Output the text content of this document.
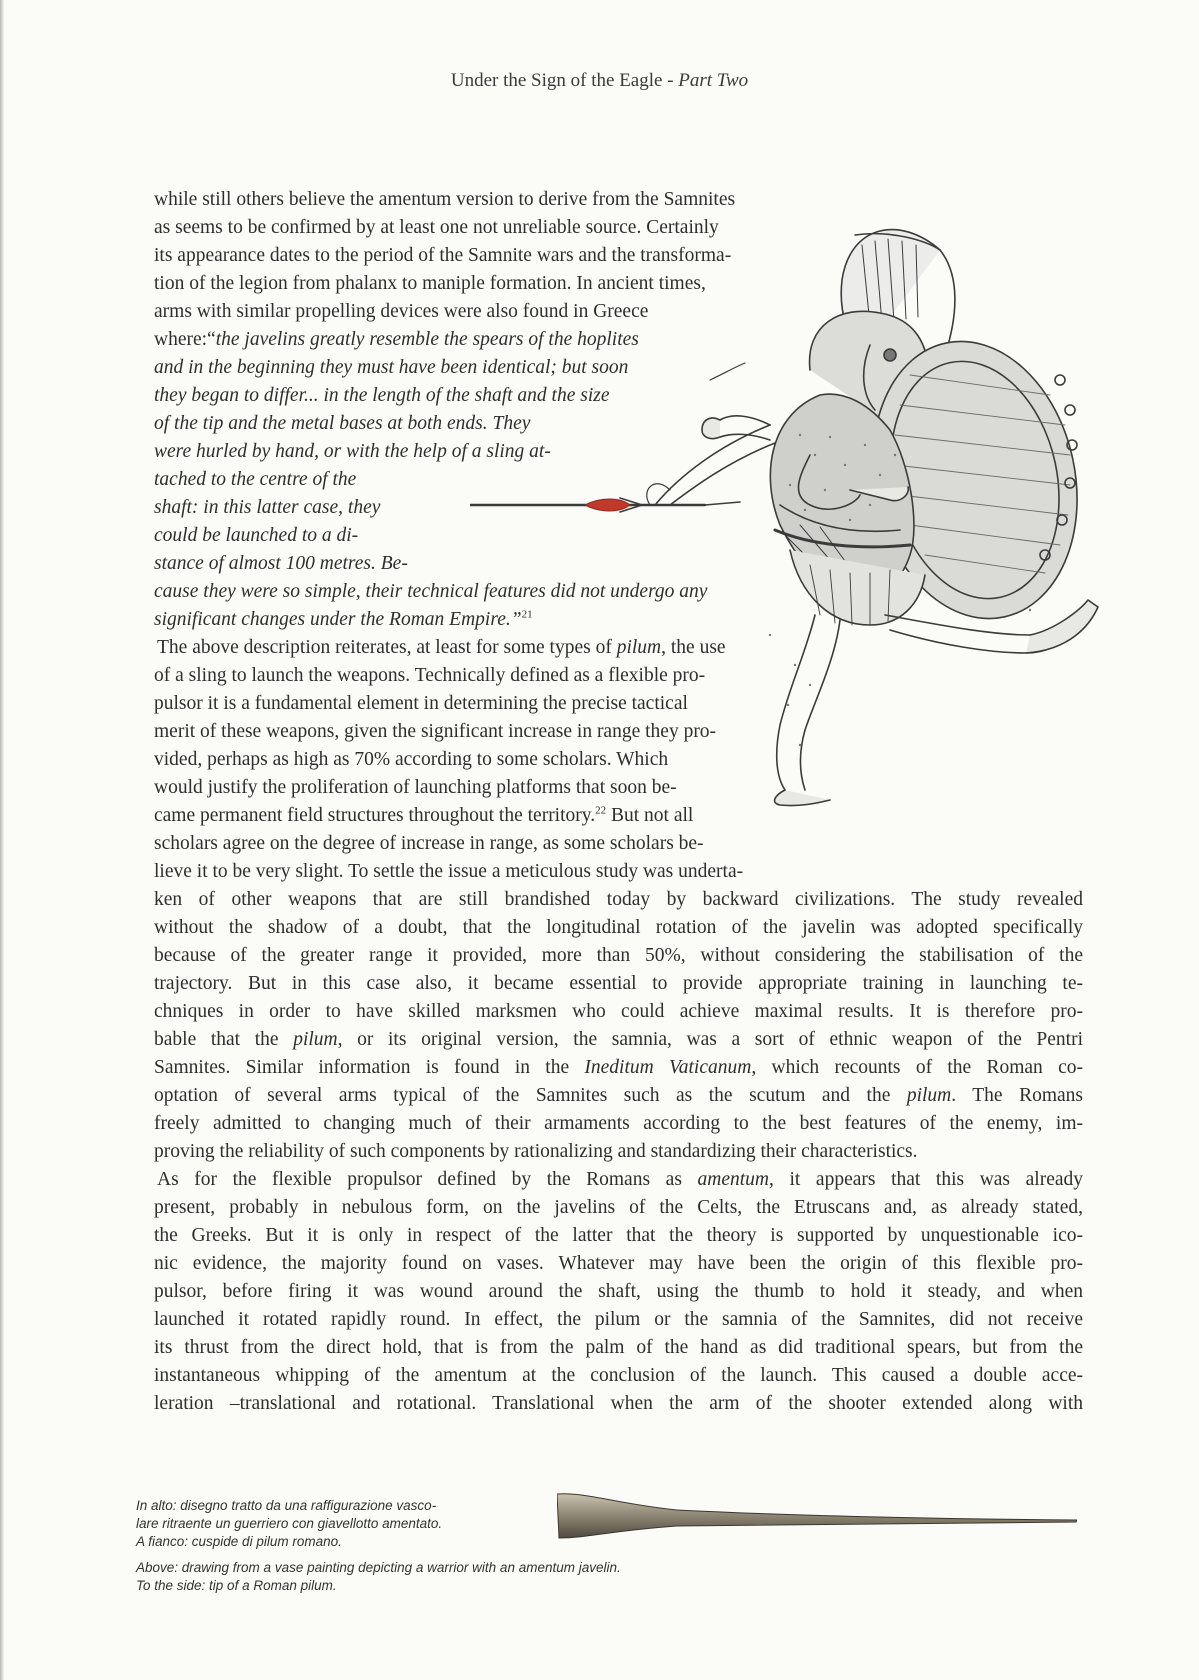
Under the Sign of the Eagle - Part Two
while still others believe the amentum version to derive from the Samnites
as seems to be confirmed by at least one not unreliable source. Certainly
its appearance dates to the period of the Samnite wars and the transforma-
tion of the legion from phalanx to maniple formation. In ancient times,
arms with similar propelling devices were also found in Greece
where:“the javelins greatly resemble the spears of the hoplites
and in the beginning they must have been identical; but soon
they began to differ... in the length of the shaft and the size
of the tip and the metal bases at both ends. They
were hurled by hand, or with the help of a sling at-
tached to the centre of the
shaft: in this latter case, they
could be launched to a di-
stance of almost 100 metres. Be-
cause they were so simple, their technical features did not undergo any
significant changes under the Roman Empire.”$^{21}$
The above description reiterates, at least for some types of pilum, the use
of a sling to launch the weapons. Technically defined as a flexible pro-
pulsor it is a fundamental element in determining the precise tactical
merit of these weapons, given the significant increase in range they pro-
vided, perhaps as high as 70% according to some scholars. Which
would justify the proliferation of launching platforms that soon be-
came permanent field structures throughout the territory.$^{22}$ But not all
scholars agree on the degree of increase in range, as some scholars be-
lieve it to be very slight. To settle the issue a meticulous study was underta-
ken of other weapons that are still brandished today by backward civilizations. The study revealed
without the shadow of a doubt, that the longitudinal rotation of the javelin was adopted specifically
because of the greater range it provided, more than 50%, without considering the stabilisation of the
trajectory. But in this case also, it became essential to provide appropriate training in launching te-
chniques in order to have skilled marksmen who could achieve maximal results. It is therefore pro-
bable that the pilum, or its original version, the samnia, was a sort of ethnic weapon of the Pentri
Samnites. Similar information is found in the Ineditum Vaticanum, which recounts of the Roman co-
optation of several arms typical of the Samnites such as the scutum and the pilum. The Romans
freely admitted to changing much of their armaments according to the best features of the enemy, im-
proving the reliability of such components by rationalizing and standardizing their characteristics.
As for the flexible propulsor defined by the Romans as amentum, it appears that this was already
present, probably in nebulous form, on the javelins of the Celts, the Etruscans and, as already stated,
the Greeks. But it is only in respect of the latter that the theory is supported by unquestionable ico-
nic evidence, the majority found on vases. Whatever may have been the origin of this flexible pro-
pulsor, before firing it was wound around the shaft, using the thumb to hold it steady, and when
launched it rotated rapidly round. In effect, the pilum or the samnia of the Samnites, did not receive
its thrust from the direct hold, that is from the palm of the hand as did traditional spears, but from the
instantaneous whipping of the amentum at the conclusion of the launch. This caused a double acce-
leration –translational and rotational. Translational when the arm of the shooter extended along with
In alto: disegno tratto da una raffigurazione vasco-
lare ritraente un guerriero con giavellotto amentato.
A fianco: cuspide di pilum romano.
Above: drawing from a vase painting depicting a warrior with an amentum javelin.
To the side: tip of a Roman pilum.
